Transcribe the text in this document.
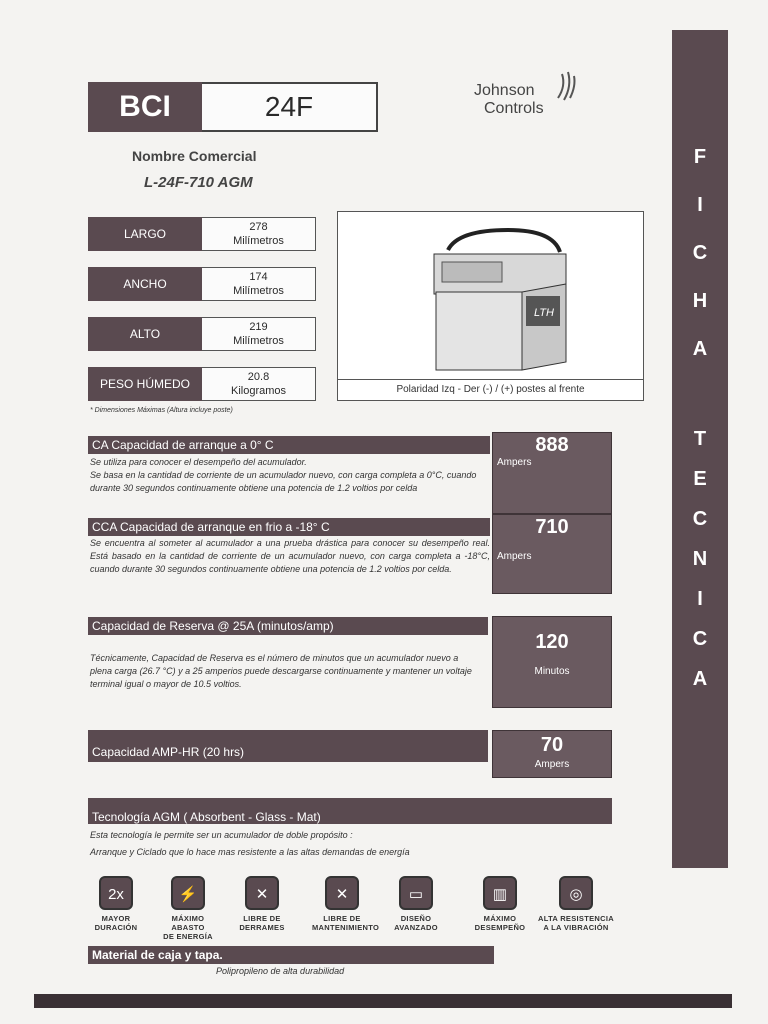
BCI	24F
Johnson
Controls
Nombre Comercial
L-24F-710 AGM
LARGO	278
Milímetros
ANCHO	174
Milímetros
ALTO	219
Milímetros
PESO HÚMEDO	20.8
Kilogramos
* Dimensiones Máximas (Altura incluye poste)
LTH
Polaridad Izq - Der (-) / (+) postes al frente
CA Capacidad de arranque a 0° C
Se utiliza para conocer el desempeño del acumulador.
Se basa en la cantidad de corriente de un acumulador nuevo, con carga completa a 0°C, cuando durante 30 segundos continuamente obtiene una potencia de 1.2 voltios por celda
888
Ampers
CCA Capacidad de arranque en frio a -18° C
Se encuentra al someter al acumulador a una prueba drástica para conocer su desempeño real. Está basado en la cantidad de corriente de un acumulador nuevo, con carga completa a -18°C, cuando durante 30 segundos continuamente obtiene una potencia de 1.2 voltios por celda.
710
Ampers
Capacidad de Reserva @ 25A (minutos/amp)
Técnicamente, Capacidad de Reserva es el número de minutos que un acumulador nuevo a plena carga (26.7 °C) y a 25 amperios puede descargarse continuamente y mantener un voltaje terminal igual o mayor de 10.5 voltios.
120
Minutos
Capacidad AMP-HR (20 hrs)	70
Ampers
Tecnología AGM ( Absorbent - Glass - Mat)
Esta tecnología le permite ser un acumulador de doble propósito :
Arranque y Ciclado que lo hace mas resistente a las altas demandas de energía
2x
MAYOR
DURACIÓN
⚡
MÁXIMO ABASTO
DE ENERGÍA
✕
LIBRE DE
DERRAMES
✕
LIBRE DE
MANTENIMIENTO
▭
DISEÑO
AVANZADO
▥
MÁXIMO
DESEMPEÑO
◎
ALTA RESISTENCIA
A LA VIBRACIÓN
Material de caja y tapa.
Polipropileno de alta durabilidad
F
I
C
H
A
T
E
C
N
I
C
A
